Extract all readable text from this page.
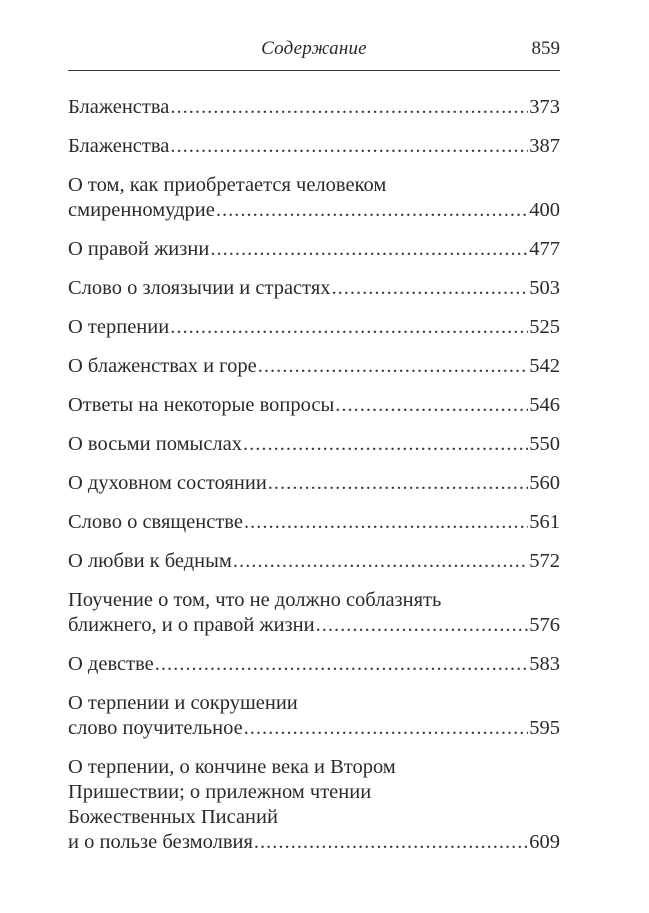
Содержание	859
Блаженства .....	373
Блаженства .....	387
О том, как приобретается человеком
смиренномудрие .....	400
О правой жизни .....	477
Слово о злоязычии и страстях .....	503
О терпении .....	525
О блаженствах и горе .....	542
Ответы на некоторые вопросы .....	546
О восьми помыслах .....	550
О духовном состоянии .....	560
Слово о священстве .....	561
О любви к бедным .....	572
Поучение о том, что не должно соблазнять
ближнего, и о правой жизни .....	576
О девстве .....	583
О терпении и сокрушении
слово поучительное .....	595
О терпении, о кончине века и Втором
Пришествии; о прилежном чтении
Божественных Писаний
и о пользе безмолвия .....	609
